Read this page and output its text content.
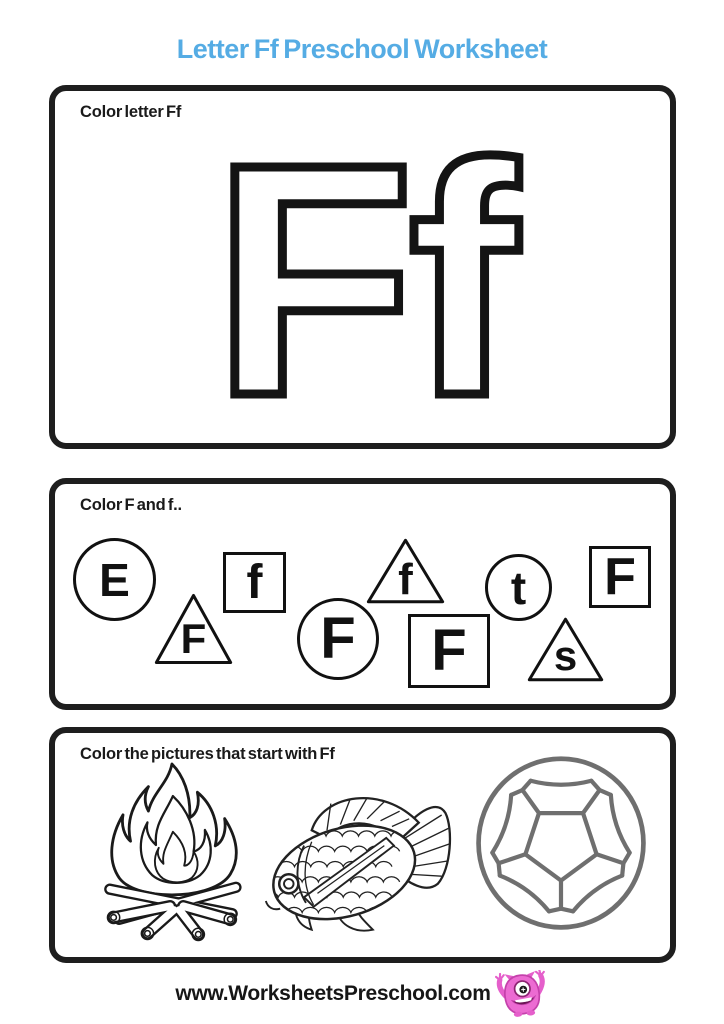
Letter Ff Preschool Worksheet
Color letter Ff Ff
Color F and f..
E
F
f
F
f
F
t
s
F
Color the pictures that start with Ff
www.WorksheetsPreschool.com
